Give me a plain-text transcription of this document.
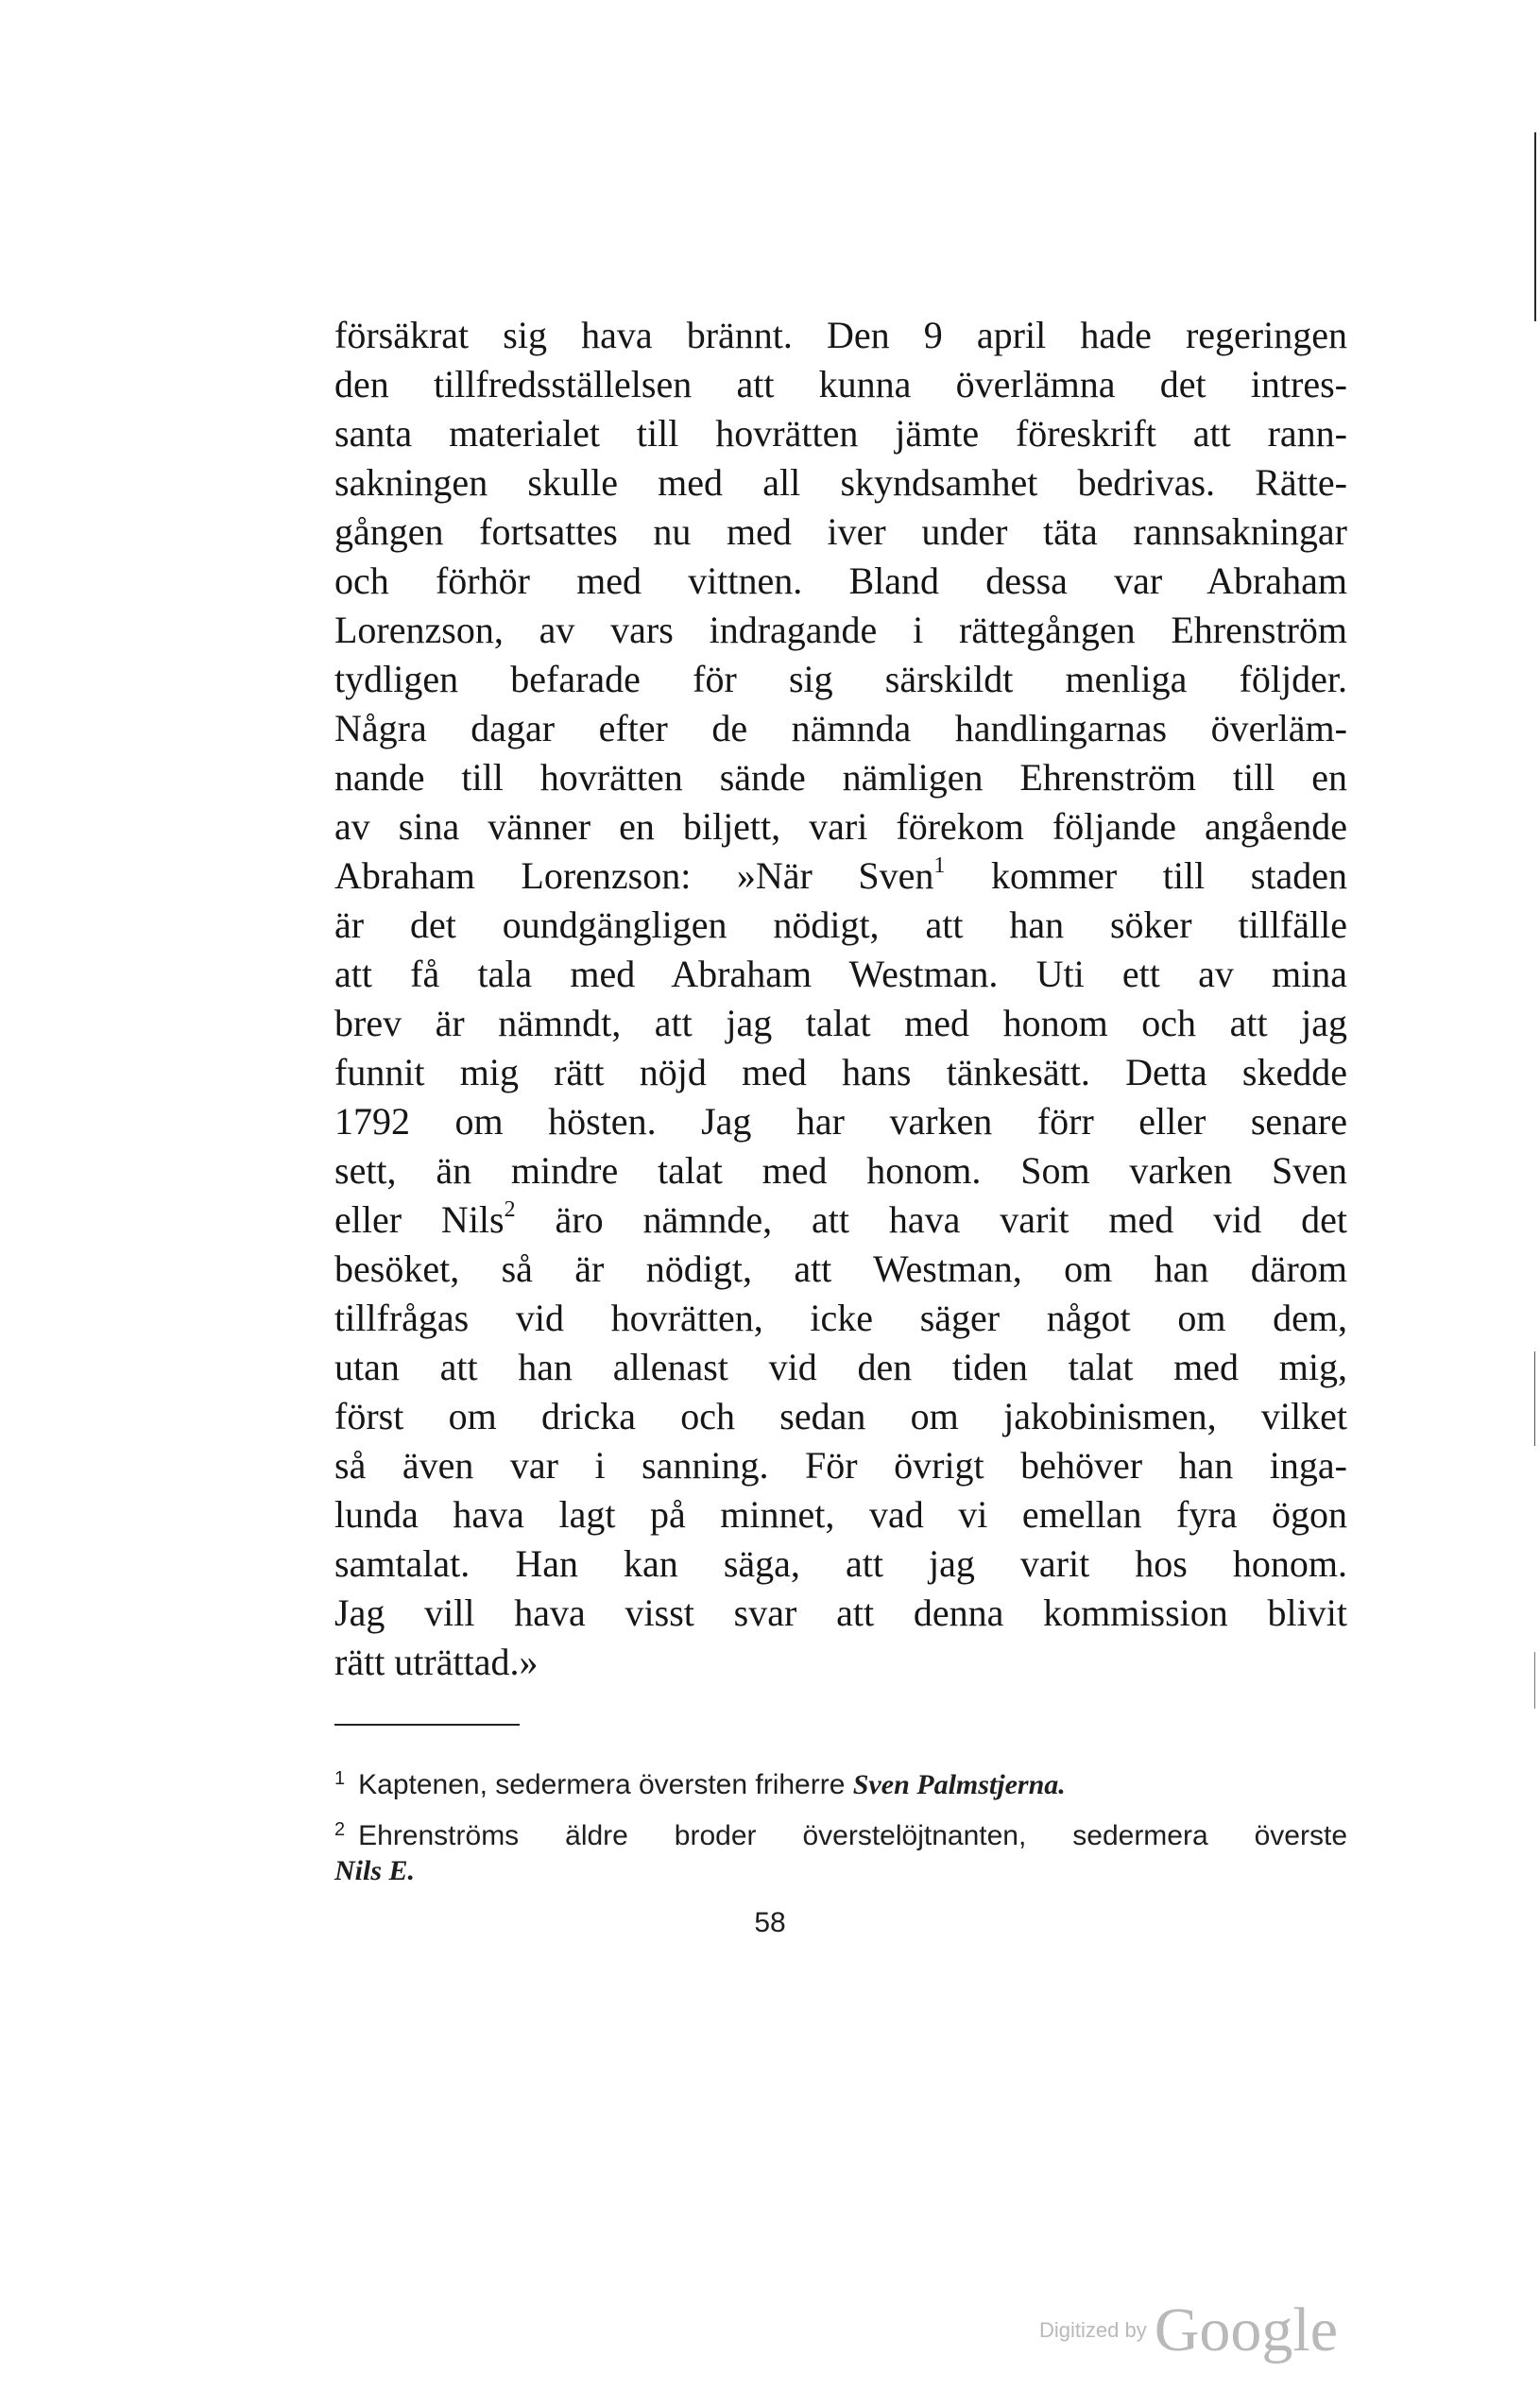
försäkrat sig hava brännt. Den 9 april hade regeringen
den tillfredsställelsen att kunna överlämna det intres-
santa materialet till hovrätten jämte föreskrift att rann-
sakningen skulle med all skyndsamhet bedrivas. Rätte-
gången fortsattes nu med iver under täta rannsakningar
och förhör med vittnen. Bland dessa var Abraham
Lorenzson, av vars indragande i rättegången Ehrenström
tydligen befarade för sig särskildt menliga följder.
Några dagar efter de nämnda handlingarnas överläm-
nande till hovrätten sände nämligen Ehrenström till en
av sina vänner en biljett, vari förekom följande angående
Abraham Lorenzson: »När Sven$^1$ kommer till staden
är det oundgängligen nödigt, att han söker tillfälle
att få tala med Abraham Westman. Uti ett av mina
brev är nämndt, att jag talat med honom och att jag
funnit mig rätt nöjd med hans tänkesätt. Detta skedde
1792 om hösten. Jag har varken förr eller senare
sett, än mindre talat med honom. Som varken Sven
eller Nils$^2$ äro nämnde, att hava varit med vid det
besöket, så är nödigt, att Westman, om han därom
tillfrågas vid hovrätten, icke säger något om dem,
utan att han allenast vid den tiden talat med mig,
först om dricka och sedan om jakobinismen, vilket
så även var i sanning. För övrigt behöver han inga-
lunda hava lagt på minnet, vad vi emellan fyra ögon
samtalat. Han kan säga, att jag varit hos honom.
Jag vill hava visst svar att denna kommission blivit
rätt uträttad.»
$^1$ Kaptenen, sedermera översten friherre Sven Palmstjerna.
$^2$ Ehrenströms äldre broder överstelöjtnanten, sedermera överste
Nils E.
58
Digitized by Google
